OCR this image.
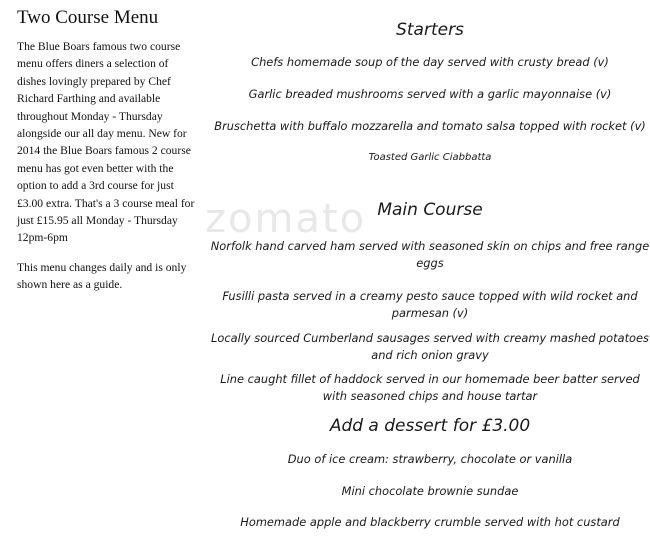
Two Course Menu

The Blue Boars famous two course menu offers diners a selection of dishes lovingly prepared by Chef Richard Farthing and available throughout Monday - Thursday alongside our all day menu. New for 2014 the Blue Boars famous 2 course menu has got even better with the option to add a 3rd course for just £3.00 extra. That's a 3 course meal for just £15.95 all Monday - Thursday 12pm-6pm

This menu changes daily and is only shown here as a guide.

zomato
Starters
Chefs homemade soup of the day served with crusty bread (v)
Garlic breaded mushrooms served with a garlic mayonnaise (v)
Bruschetta with buffalo mozzarella and tomato salsa topped with rocket (v)
Toasted Garlic Ciabbatta
Main Course
Norfolk hand carved ham served with seasoned skin on chips and free range eggs
Fusilli pasta served in a creamy pesto sauce topped with wild rocket and parmesan (v)
Locally sourced Cumberland sausages served with creamy mashed potatoes and rich onion gravy
Line caught fillet of haddock served in our homemade beer batter served with seasoned chips and house tartar
Add a dessert for £3.00
Duo of ice cream: strawberry, chocolate or vanilla
Mini chocolate brownie sundae
Homemade apple and blackberry crumble served with hot custard
